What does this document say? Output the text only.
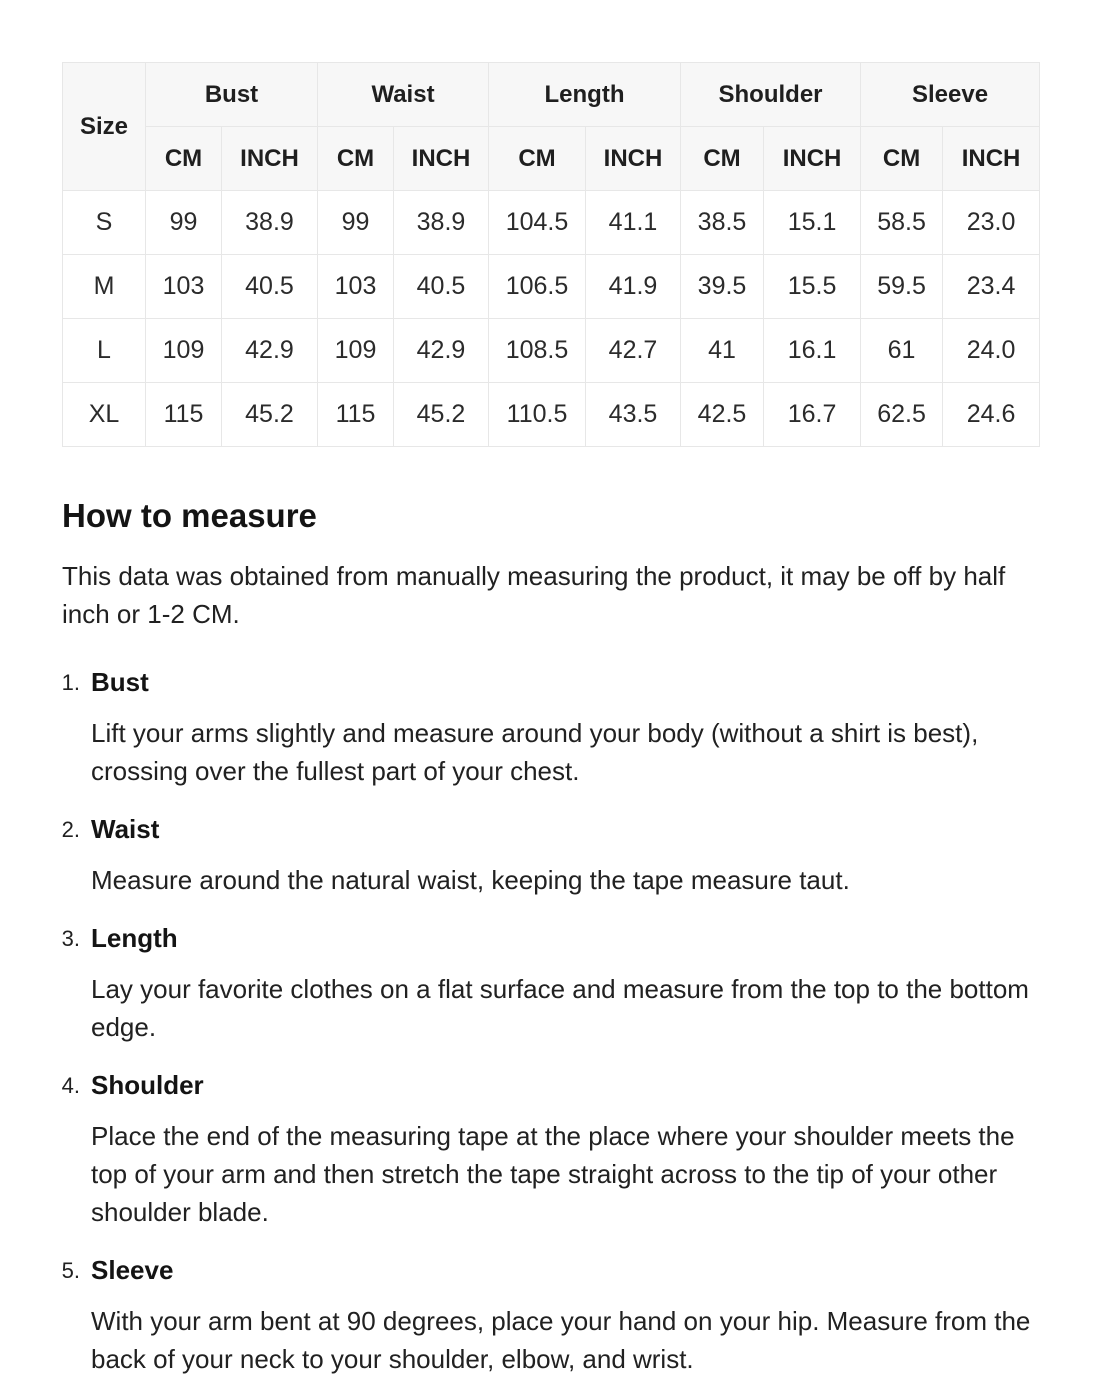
Size	Bust		Waist		Length		Shoulder		Sleeve	
	CM	INCH	CM	INCH	CM	INCH	CM	INCH	CM	INCH
S	99	38.9	99	38.9	104.5	41.1	38.5	15.1	58.5	23.0
M	103	40.5	103	40.5	106.5	41.9	39.5	15.5	59.5	23.4
L	109	42.9	109	42.9	108.5	42.7	41	16.1	61	24.0
XL	115	45.2	115	45.2	110.5	43.5	42.5	16.7	62.5	24.6
How to measure

This data was obtained from manually measuring the product, it may be off by half inch or 1-2 CM.

1. Bust

Lift your arms slightly and measure around your body (without a shirt is best), crossing over the fullest part of your chest.

2. Waist

Measure around the natural waist, keeping the tape measure taut.

3. Length

Lay your favorite clothes on a flat surface and measure from the top to the bottom edge.

4. Shoulder

Place the end of the measuring tape at the place where your shoulder meets the top of your arm and then stretch the tape straight across to the tip of your other shoulder blade.

5. Sleeve

With your arm bent at 90 degrees, place your hand on your hip. Measure from the back of your neck to your shoulder, elbow, and wrist.
